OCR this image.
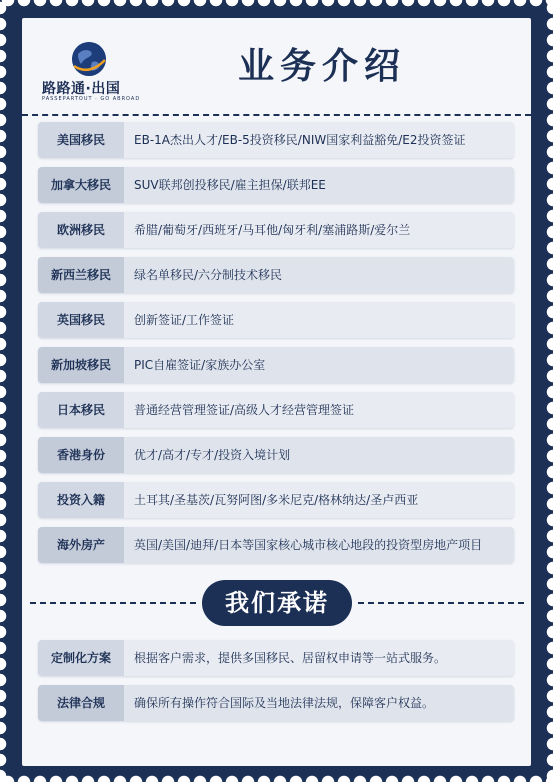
路路通·出国
PASSEPARTOUT · GO ABROAD
业务介绍
美国移民	EB-1A杰出人才/EB-5投资移民/NIW国家利益豁免/E2投资签证
加拿大移民	SUV联邦创投移民/雇主担保/联邦EE
欧洲移民	希腊/葡萄牙/西班牙/马耳他/匈牙利/塞浦路斯/爱尔兰
新西兰移民	绿名单移民/六分制技术移民
英国移民	创新签证/工作签证
新加坡移民	PIC自雇签证/家族办公室
日本移民	普通经营管理签证/高级人才经营管理签证
香港身份	优才/高才/专才/投资入境计划
投资入籍	土耳其/圣基茨/瓦努阿图/多米尼克/格林纳达/圣卢西亚
海外房产	英国/美国/迪拜/日本等国家核心城市核心地段的投资型房地产项目
我们承诺
定制化方案	根据客户需求，提供多国移民、居留权申请等一站式服务。
法律合规	确保所有操作符合国际及当地法律法规，保障客户权益。
